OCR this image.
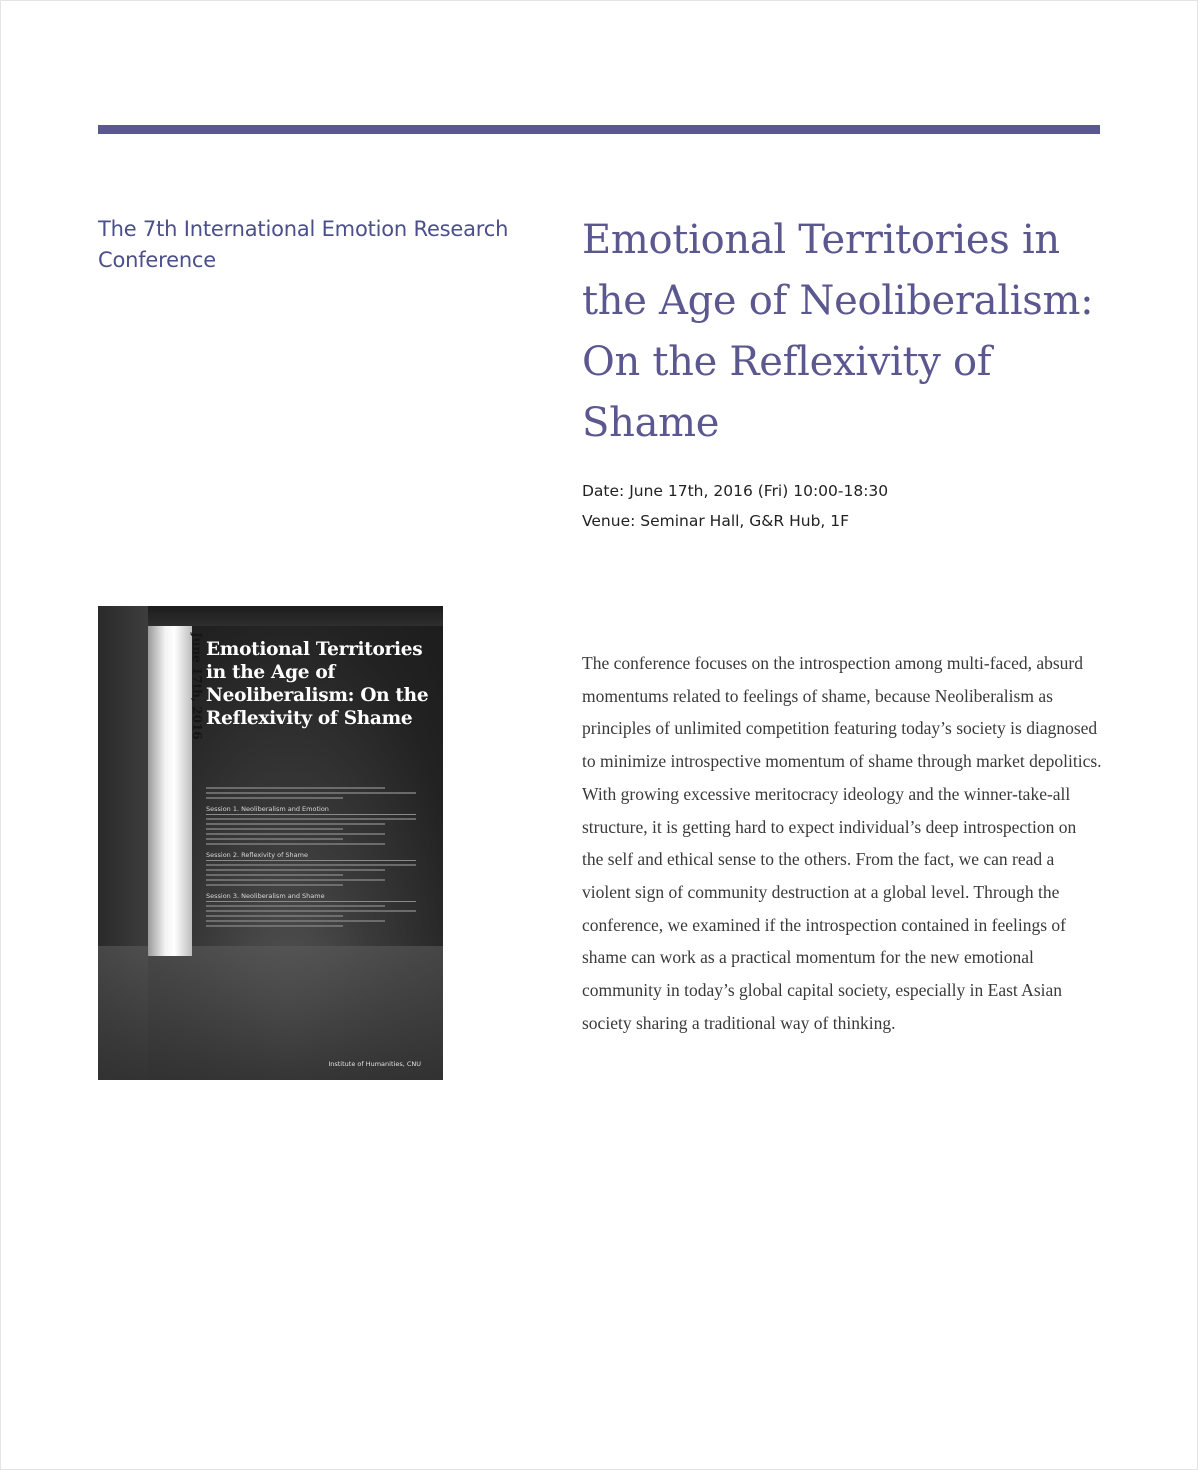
The 7th International Emotion Research Conference	Emotional Territories in the Age of Neoliberalism: On the Reflexivity of Shame
Date: June 17th, 2016 (Fri) 10:00-18:30
Venue: Seminar Hall, G&R Hub, 1F
June 17th, 2016 Emotional Territories in the Age of Neoliberalism: On the Reflexivity of Shame
Session 1. Neoliberalism and Emotion
Session 2. Reflexivity of Shame
Session 3. Neoliberalism and Shame
Institute of Humanities, CNU

The conference focuses on the introspection among multi-faced, absurd momentums related to feelings of shame, because Neoliberalism as principles of unlimited competition featuring today’s society is diagnosed to minimize introspective momentum of shame through market depolitics. With growing excessive meritocracy ideology and the winner-take-all structure, it is getting hard to expect individual’s deep introspection on the self and ethical sense to the others. From the fact, we can read a violent sign of community destruction at a global level. Through the conference, we examined if the introspection contained in feelings of shame can work as a practical momentum for the new emotional community in today’s global capital society, especially in East Asian society sharing a traditional way of thinking.
